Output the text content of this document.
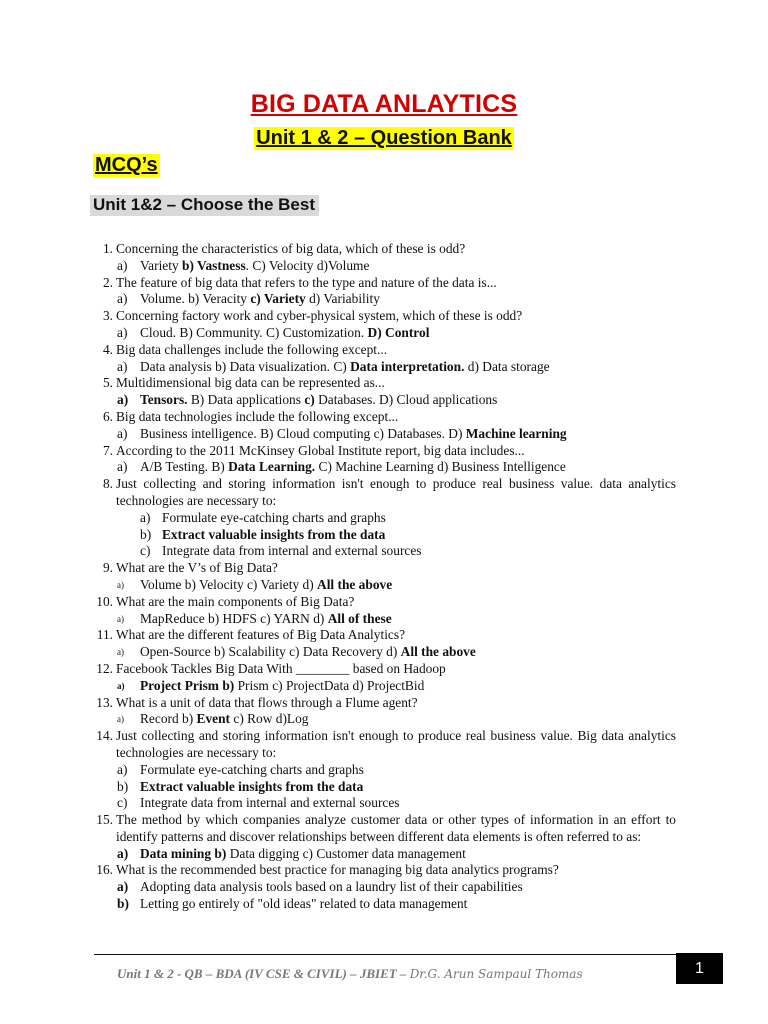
BIG DATA ANLAYTICS
Unit 1 & 2 – Question Bank
MCQ’s
Unit 1&2 – Choose the Best
1. Concerning the characteristics of big data, which of these is odd?
a) Variety b) Vastness. C) Velocity d)Volume
2. The feature of big data that refers to the type and nature of the data is...
a) Volume. b) Veracity c) Variety d) Variability
3. Concerning factory work and cyber-physical system, which of these is odd?
a) Cloud. B) Community. C) Customization. D) Control
4. Big data challenges include the following except...
a) Data analysis b) Data visualization. C) Data interpretation. d) Data storage
5. Multidimensional big data can be represented as...
a) Tensors. B) Data applications c) Databases. D) Cloud applications
6. Big data technologies include the following except...
a) Business intelligence. B) Cloud computing c) Databases. D) Machine learning
7. According to the 2011 McKinsey Global Institute report, big data includes...
a) A/B Testing. B) Data Learning. C) Machine Learning d) Business Intelligence
8. Just collecting and storing information isn't enough to produce real business value. data analytics technologies are necessary to:
a) Formulate eye-catching charts and graphs
b) Extract valuable insights from the data
c) Integrate data from internal and external sources
9. What are the V’s of Big Data?
a) Volume b) Velocity c) Variety d) All the above
10. What are the main components of Big Data?
a) MapReduce b) HDFS c) YARN d) All of these
11. What are the different features of Big Data Analytics?
a) Open-Source b) Scalability c) Data Recovery d) All the above
12. Facebook Tackles Big Data With ________ based on Hadoop
a) Project Prism b) Prism c) ProjectData d) ProjectBid
13. What is a unit of data that flows through a Flume agent?
a) Record b) Event c) Row d)Log
14. Just collecting and storing information isn't enough to produce real business value. Big data analytics technologies are necessary to:
a) Formulate eye-catching charts and graphs
b) Extract valuable insights from the data
c) Integrate data from internal and external sources
15. The method by which companies analyze customer data or other types of information in an effort to identify patterns and discover relationships between different data elements is often referred to as:
a) Data mining b) Data digging c) Customer data management
16. What is the recommended best practice for managing big data analytics programs?
a) Adopting data analysis tools based on a laundry list of their capabilities
b) Letting go entirely of "old ideas" related to data management
Unit 1 & 2 - QB – BDA (IV CSE & CIVIL) – JBIET – Dr.G. Arun Sampaul Thomas	1
